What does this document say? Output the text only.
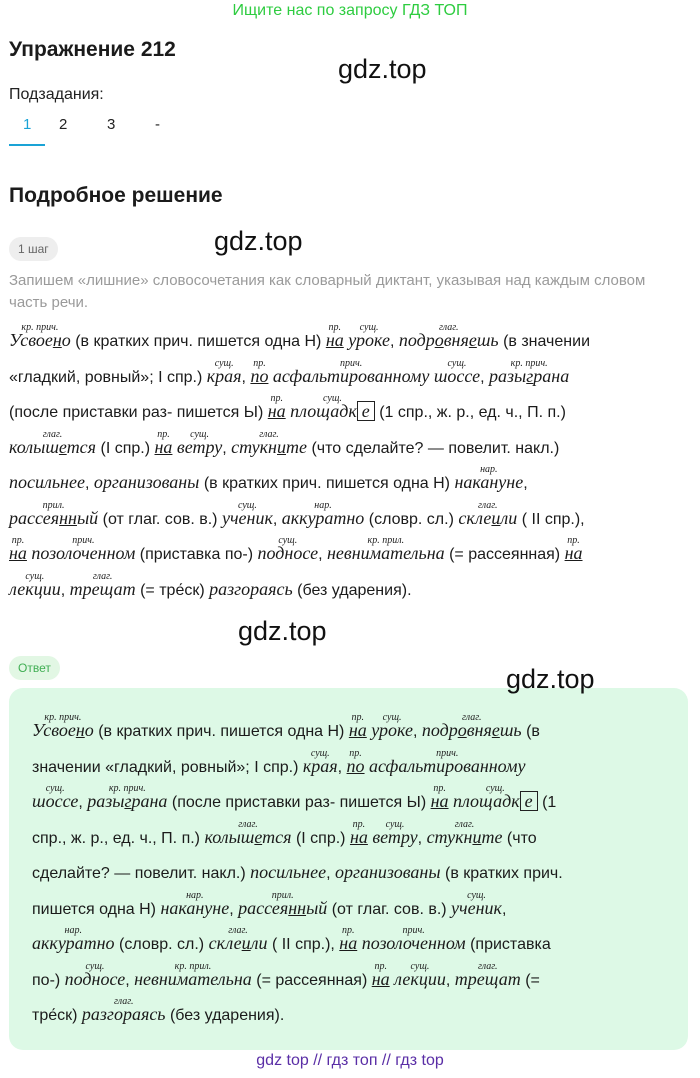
Ищите нас по запросу ГДЗ ТОП
Упражнение 212
gdz.top
Подзадания:
1	2	3	-
Подробное решение
1 шаг	gdz.top
Запишем «лишние» словосочетания как словарный диктант, указывая над каждым словом часть речи.
кр. прич.
Усвоено (в кратких прич. пишется одна Н)
пр.
на
сущ.
уроке,
глаг.
подровняешь (в значении
«гладкий, ровный»; I спр.)
сущ.
края,
пр.
по
прич.
асфальтированному
сущ.
шоссе,
кр. прич.
разыграна
(после приставки раз- пишется Ы)
пр.
на
сущ.
площадк е (1 спр., ж. р., ед. ч., П. п.)
глаг.
колышется (I спр.)
пр.
на
сущ.
ветру,
глаг.
стукните (что сделайте? — повелит. накл.)
посильнее, организованы (в кратких прич. пишется одна Н)
нар.
накануне,
прил.
рассеянный (от глаг. сов. в.)
сущ.
ученик,
нар.
аккуратно (словр. сл.)
глаг.
склеили ( II спр.),
пр.
на
прич.
позолоченном (приставка по-)
сущ.
подносе,
кр. прил.
невнимательна (= рассеянная)
пр.
на
сущ.
лекции,
глаг.
трещат (= тре́ск) разгораясь (без ударения).
gdz.top
Ответ	gdz.top
кр. прич.
Усвоено (в кратких прич. пишется одна Н)
пр.
на
сущ.
уроке,
глаг.
подровняешь (в
значении «гладкий, ровный»; I спр.)
сущ.
края,
пр.
по
прич.
асфальтированному
сущ.
шоссе,
кр. прич.
разыграна (после приставки раз- пишется Ы)
пр.
на
сущ.
площадк е (1
спр., ж. р., ед. ч., П. п.)
глаг.
колышется (I спр.)
пр.
на
сущ.
ветру,
глаг.
стукните (что
сделайте? — повелит. накл.) посильнее, организованы (в кратких прич.
пишется одна Н)
нар.
накануне,
прил.
рассеянный (от глаг. сов. в.)
сущ.
ученик,
нар.
аккуратно (словр. сл.)
глаг.
склеили ( II спр.),
пр.
на
прич.
позолоченном (приставка
по-)
сущ.
подносе,
кр. прил.
невнимательна (= рассеянная)
пр.
на
сущ.
лекции,
глаг.
трещат (=
тре́ск)
глаг.
разгораясь (без ударения).
gdz top // гдз топ // гдз top
